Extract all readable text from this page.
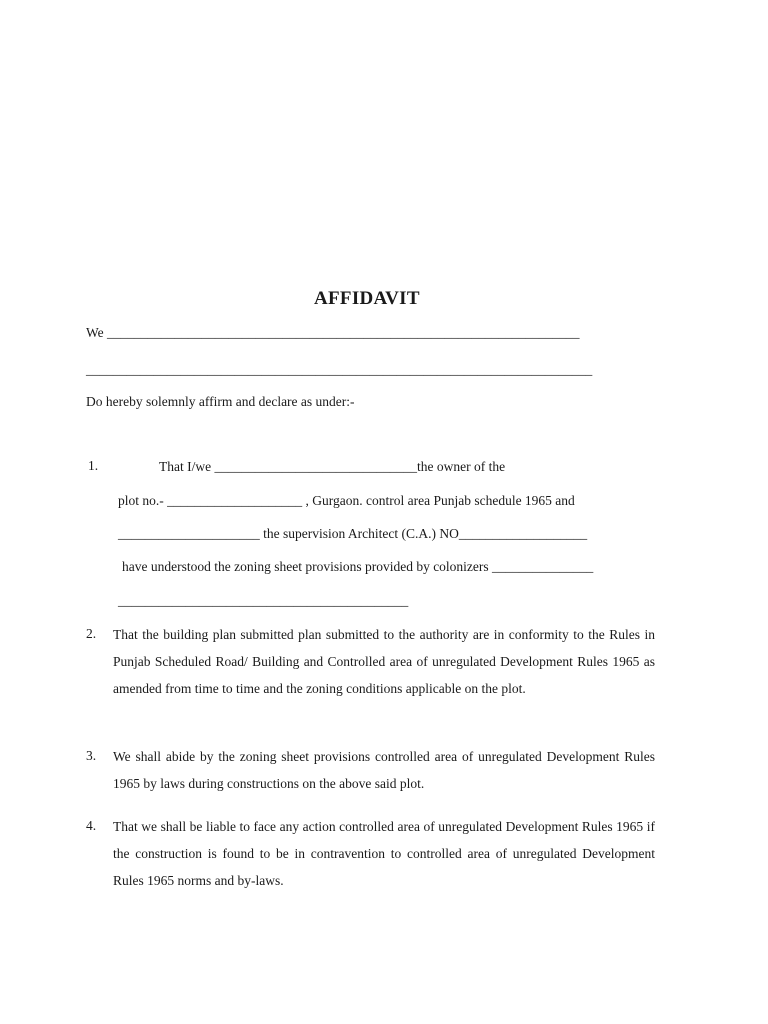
AFFIDAVIT
We ______________________________________________________________________
___________________________________________________________________________
Do hereby solemnly affirm and declare as under:-
1.	That I/we ______________________________the owner of the
plot no.- ____________________ , Gurgaon. control area Punjab schedule 1965 and
_____________________ the supervision Architect (C.A.) NO___________________
have understood the zoning sheet provisions provided by colonizers _______________
___________________________________________
2. That the building plan submitted plan submitted to the authority are in conformity to the Rules in Punjab Scheduled Road/ Building and Controlled area of unregulated Development Rules 1965 as amended from time to time and the zoning conditions applicable on the plot.
3. We shall abide by the zoning sheet provisions controlled area of unregulated Development Rules 1965 by laws during constructions on the above said plot.
4. That we shall be liable to face any action controlled area of unregulated Development Rules 1965 if the construction is found to be in contravention to controlled area of unregulated Development Rules 1965 norms and by-laws.
